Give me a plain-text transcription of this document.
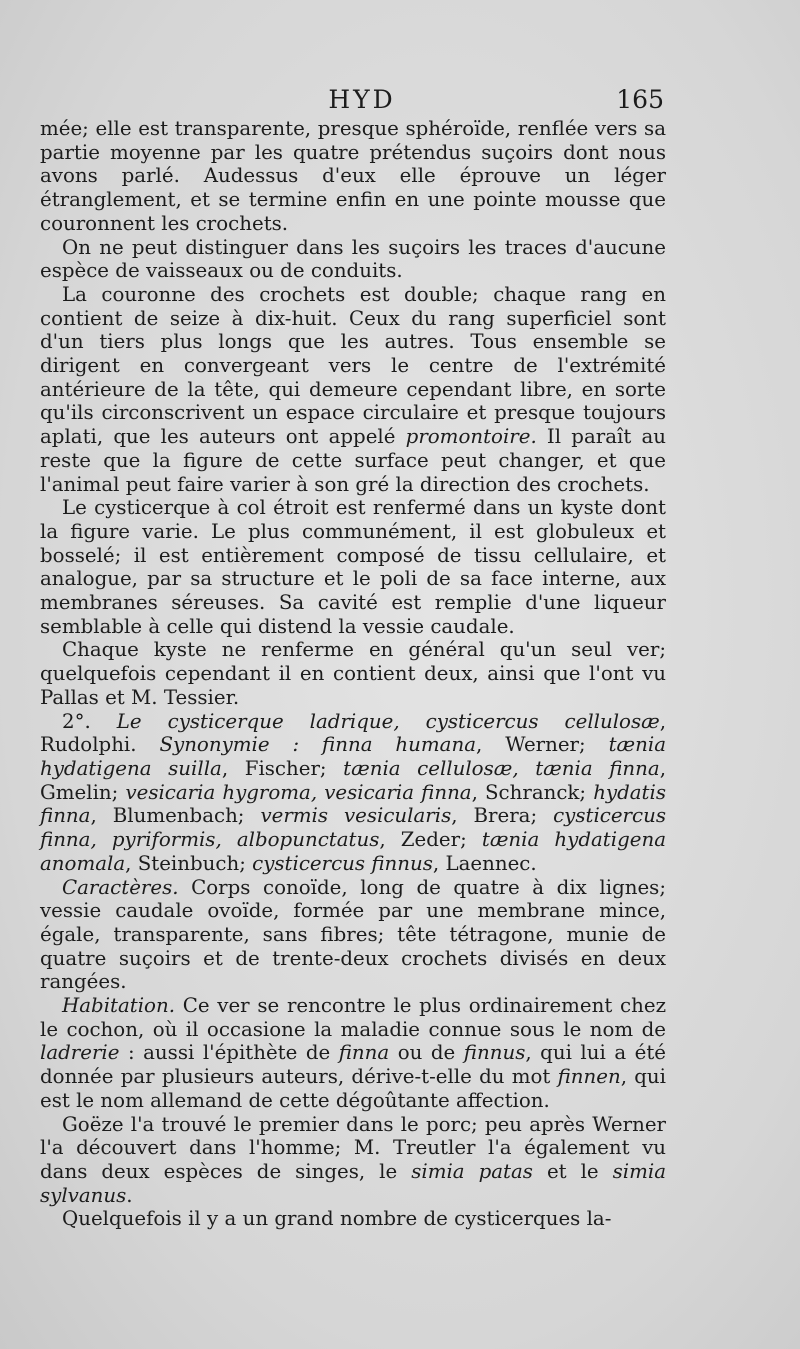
HYD	165

mée; elle est transparente, presque sphéroïde, renflée vers sa partie moyenne par les quatre prétendus suçoirs dont nous avons parlé. Audessus d'eux elle éprouve un léger étranglement, et se termine enfin en une pointe mousse que couronnent les crochets.

On ne peut distinguer dans les suçoirs les traces d'aucune espèce de vaisseaux ou de conduits.

La couronne des crochets est double; chaque rang en contient de seize à dix-huit. Ceux du rang superficiel sont d'un tiers plus longs que les autres. Tous ensemble se dirigent en convergeant vers le centre de l'extrémité antérieure de la tête, qui demeure cependant libre, en sorte qu'ils circonscrivent un espace circulaire et presque toujours aplati, que les auteurs ont appelé promontoire. Il paraît au reste que la figure de cette surface peut changer, et que l'animal peut faire varier à son gré la direction des crochets.

Le cysticerque à col étroit est renfermé dans un kyste dont la figure varie. Le plus communément, il est globuleux et bosselé; il est entièrement composé de tissu cellulaire, et analogue, par sa structure et le poli de sa face interne, aux membranes séreuses. Sa cavité est remplie d'une liqueur semblable à celle qui distend la vessie caudale.

Chaque kyste ne renferme en général qu'un seul ver; quelquefois cependant il en contient deux, ainsi que l'ont vu Pallas et M. Tessier.

2°. Le cysticerque ladrique, cysticercus cellulosæ, Rudolphi. Synonymie : finna humana, Werner; tænia hydatigena suilla, Fischer; tænia cellulosæ, tænia finna, Gmelin; vesicaria hygroma, vesicaria finna, Schranck; hydatis finna, Blumenbach; vermis vesicularis, Brera; cysticercus finna, pyriformis, albopunctatus, Zeder; tænia hydatigena anomala, Steinbuch; cysticercus finnus, Laennec.

Caractères. Corps conoïde, long de quatre à dix lignes; vessie caudale ovoïde, formée par une membrane mince, égale, transparente, sans fibres; tête tétragone, munie de quatre suçoirs et de trente-deux crochets divisés en deux rangées.

Habitation. Ce ver se rencontre le plus ordinairement chez le cochon, où il occasione la maladie connue sous le nom de ladrerie : aussi l'épithète de finna ou de finnus, qui lui a été donnée par plusieurs auteurs, dérive-t-elle du mot finnen, qui est le nom allemand de cette dégoûtante affection.

Goëze l'a trouvé le premier dans le porc; peu après Werner l'a découvert dans l'homme; M. Treutler l'a également vu dans deux espèces de singes, le simia patas et le simia sylvanus.

Quelquefois il y a un grand nombre de cysticerques la-
